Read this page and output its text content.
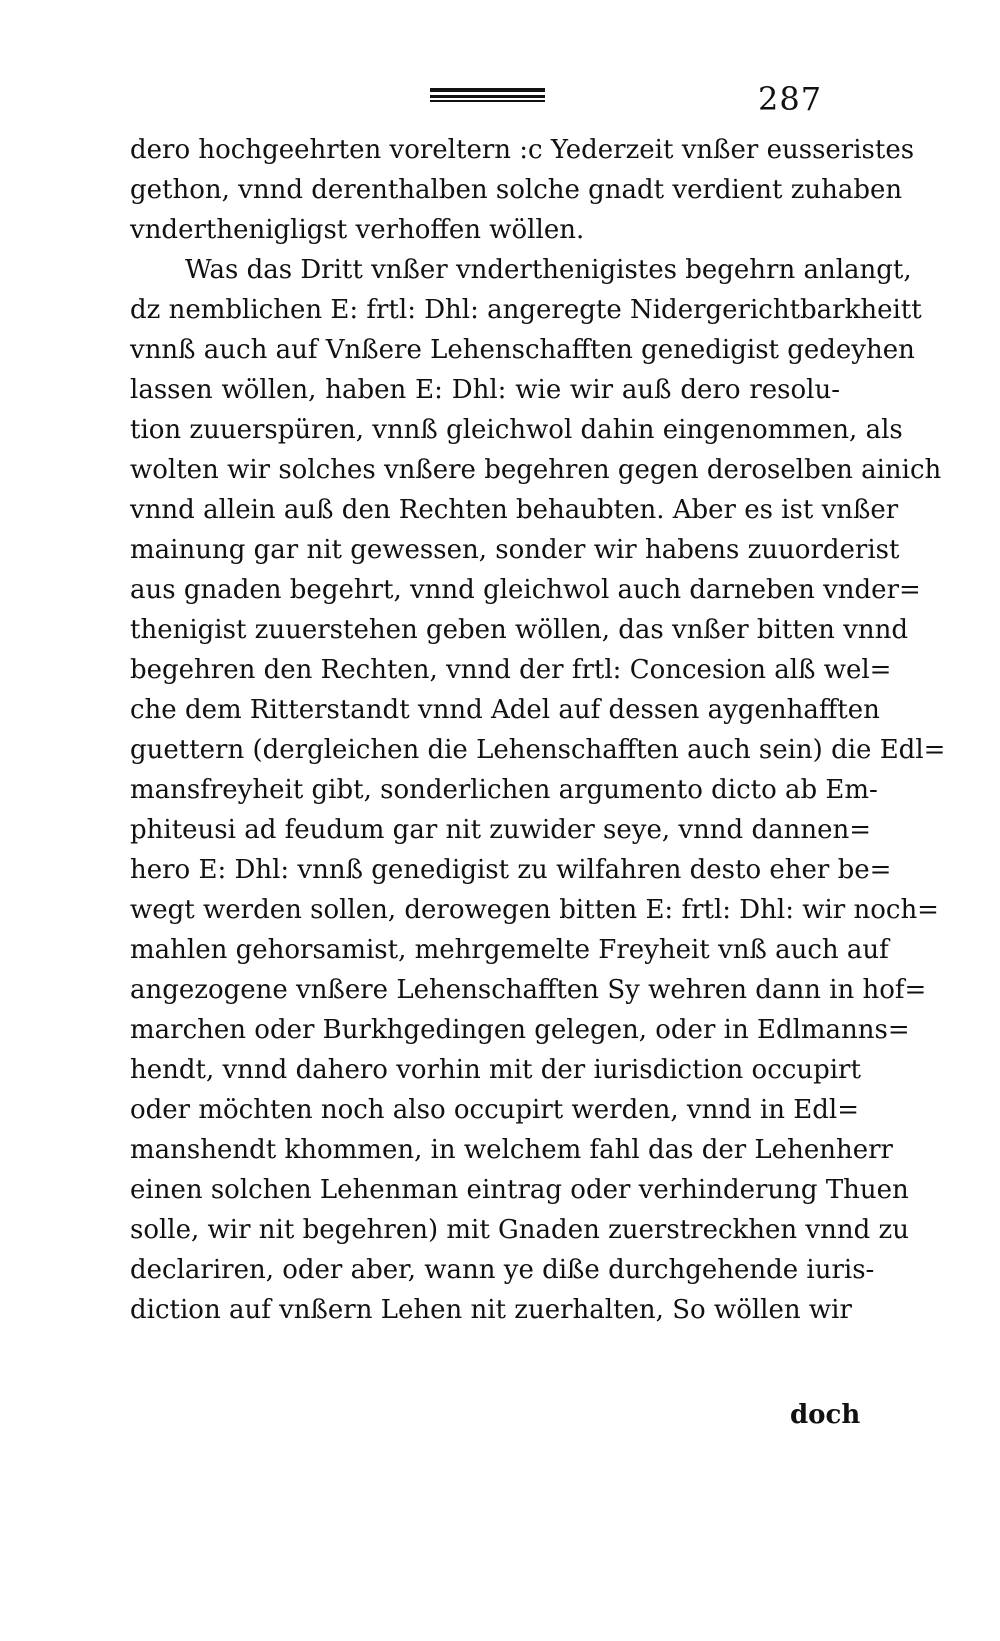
287
dero hochgeehrten voreltern :c Yederzeit vnßer eusseristes
gethon, vnnd derenthalben solche gnadt verdient zuhaben
vnderthenigligst verhoffen wöllen.
Was das Dritt vnßer vnderthenigistes begehrn anlangt,
dz nemblichen E: frtl: Dhl: angeregte Nidergerichtbarkheitt
vnnß auch auf Vnßere Lehenschafften genedigist gedeyhen
lassen wöllen, haben E: Dhl: wie wir auß dero resolu-
tion zuuerspüren, vnnß gleichwol dahin eingenommen, als
wolten wir solches vnßere begehren gegen deroselben ainich
vnnd allein auß den Rechten behaubten. Aber es ist vnßer
mainung gar nit gewessen, sonder wir habens zuuorderist
aus gnaden begehrt, vnnd gleichwol auch darneben vnder=
thenigist zuuerstehen geben wöllen, das vnßer bitten vnnd
begehren den Rechten, vnnd der frtl: Concesion alß wel=
che dem Ritterstandt vnnd Adel auf dessen aygenhafften
guettern (dergleichen die Lehenschafften auch sein) die Edl=
mansfreyheit gibt, sonderlichen argumento dicto ab Em-
phiteusi ad feudum gar nit zuwider seye, vnnd dannen=
hero E: Dhl: vnnß genedigist zu wilfahren desto eher be=
wegt werden sollen, derowegen bitten E: frtl: Dhl: wir noch=
mahlen gehorsamist, mehrgemelte Freyheit vnß auch auf
angezogene vnßere Lehenschafften Sy wehren dann in hof=
marchen oder Burkhgedingen gelegen, oder in Edlmanns=
hendt, vnnd dahero vorhin mit der iurisdiction occupirt
oder möchten noch also occupirt werden, vnnd in Edl=
manshendt khommen, in welchem fahl das der Lehenherr
einen solchen Lehenman eintrag oder verhinderung Thuen
solle, wir nit begehren) mit Gnaden zuerstreckhen vnnd zu
declariren, oder aber, wann ye diße durchgehende iuris-
diction auf vnßern Lehen nit zuerhalten, So wöllen wir
doch
